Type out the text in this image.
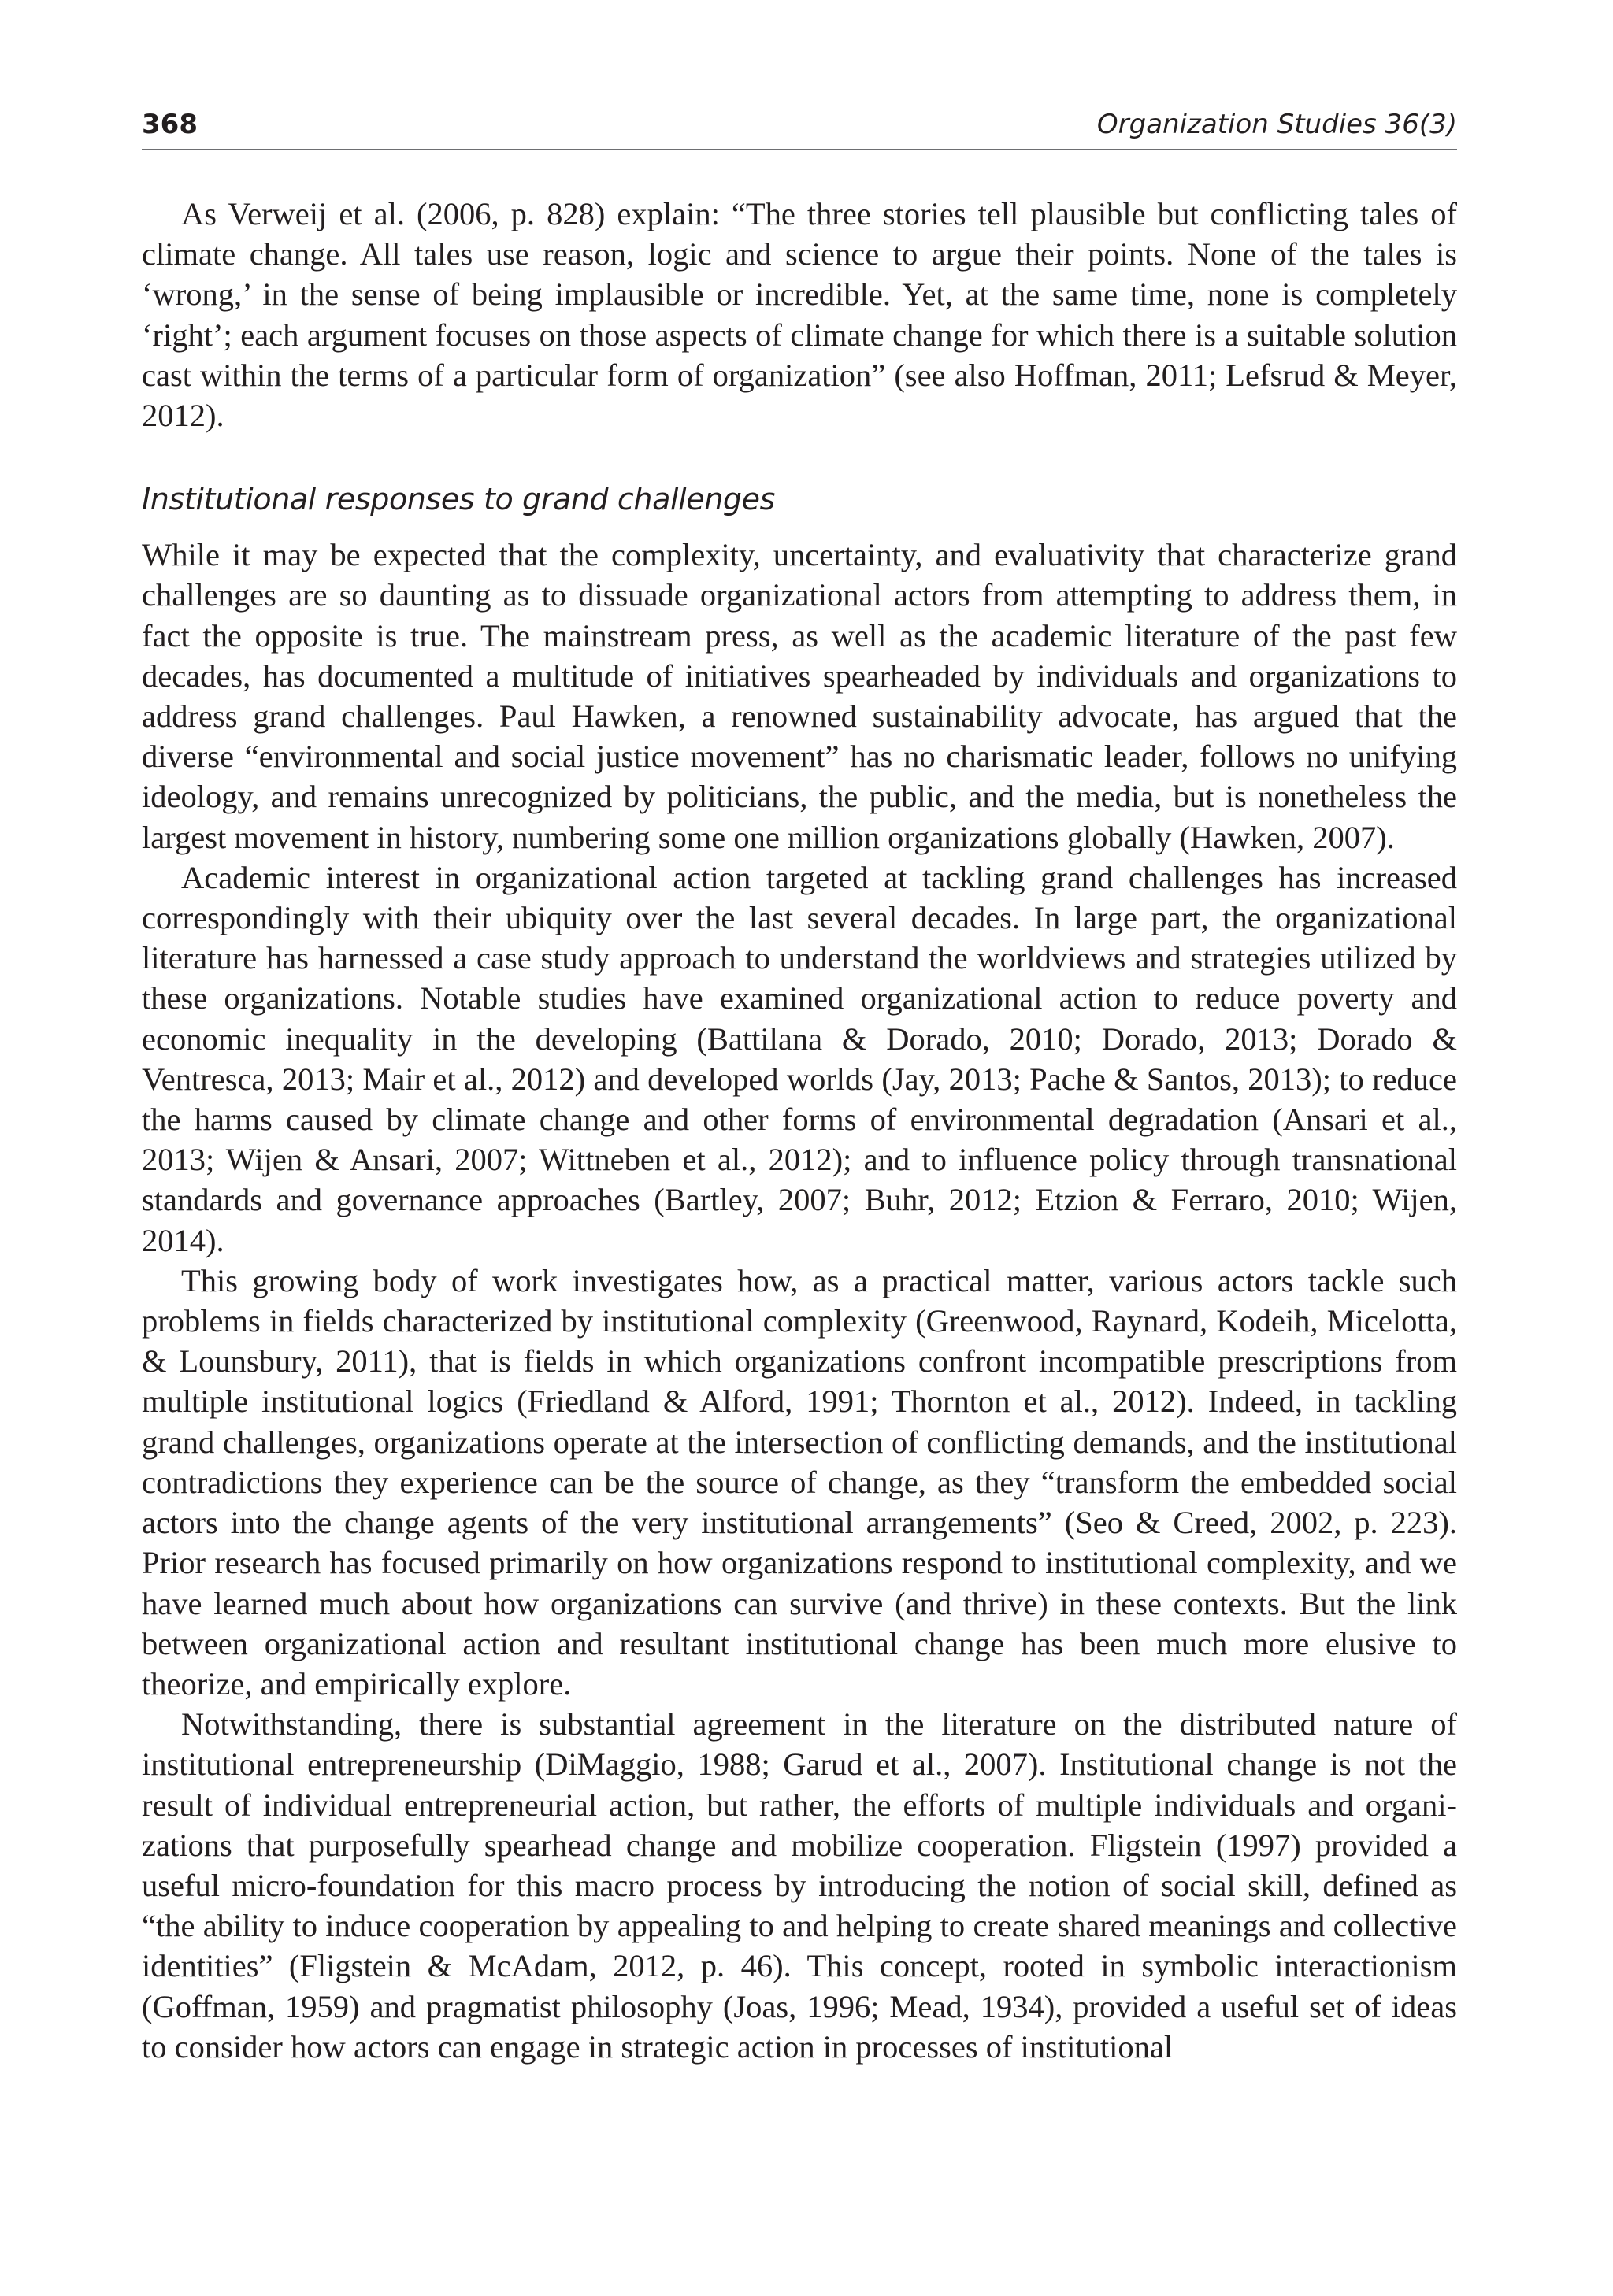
368	Organization Studies 36(3)

As Verweij et al. (2006, p. 828) explain: “The three stories tell plausible but conflicting tales of climate change. All tales use reason, logic and science to argue their points. None of the tales is ‘wrong,’ in the sense of being implausible or incredible. Yet, at the same time, none is completely ‘right’; each argument focuses on those aspects of climate change for which there is a suitable solution cast within the terms of a particular form of organization” (see also Hoffman, 2011; Lefsrud & Meyer, 2012).

Institutional responses to grand challenges

While it may be expected that the complexity, uncertainty, and evaluativity that characterize grand challenges are so daunting as to dissuade organizational actors from attempting to address them, in fact the opposite is true. The mainstream press, as well as the academic literature of the past few decades, has documented a multitude of initiatives spearheaded by individuals and organizations to address grand challenges. Paul Hawken, a renowned sustainability advocate, has argued that the diverse “environmental and social justice movement” has no charismatic leader, follows no unifying ideology, and remains unrecognized by politicians, the public, and the media, but is nonetheless the largest movement in history, numbering some one million organizations globally (Hawken, 2007).

Academic interest in organizational action targeted at tackling grand challenges has increased correspondingly with their ubiquity over the last several decades. In large part, the organizational literature has harnessed a case study approach to understand the worldviews and strategies utilized by these organizations. Notable studies have examined organizational action to reduce poverty and economic inequality in the developing (Battilana & Dorado, 2010; Dorado, 2013; Dorado & Ventresca, 2013; Mair et al., 2012) and developed worlds (Jay, 2013; Pache & Santos, 2013); to reduce the harms caused by climate change and other forms of environmental degradation (Ansari et al., 2013; Wijen & Ansari, 2007; Wittneben et al., 2012); and to influence policy through transnational standards and governance approaches (Bartley, 2007; Buhr, 2012; Etzion & Ferraro, 2010; Wijen, 2014).

This growing body of work investigates how, as a practical matter, various actors tackle such problems in fields characterized by institutional complexity (Greenwood, Raynard, Kodeih, Micelotta, & Lounsbury, 2011), that is fields in which organizations confront incompatible prescriptions from multiple institutional logics (Friedland & Alford, 1991; Thornton et al., 2012). Indeed, in tackling grand challenges, organizations operate at the intersection of conflicting demands, and the institutional contradictions they experience can be the source of change, as they “transform the embedded social actors into the change agents of the very institutional arrangements” (Seo & Creed, 2002, p. 223). Prior research has focused primarily on how organizations respond to institutional complexity, and we have learned much about how organizations can survive (and thrive) in these contexts. But the link between organizational action and resultant institutional change has been much more elusive to theorize, and empirically explore.

Notwithstanding, there is substantial agreement in the literature on the distributed nature of institutional entrepreneurship (DiMaggio, 1988; Garud et al., 2007). Institutional change is not the result of individual entrepreneurial action, but rather, the efforts of multiple individuals and organizations that purposefully spearhead change and mobilize cooperation. Fligstein (1997) provided a useful micro-foundation for this macro process by introducing the notion of social skill, defined as “the ability to induce cooperation by appealing to and helping to create shared meanings and collective identities” (Fligstein & McAdam, 2012, p. 46). This concept, rooted in symbolic interactionism (Goffman, 1959) and pragmatist philosophy (Joas, 1996; Mead, 1934), provided a useful set of ideas to consider how actors can engage in strategic action in processes of institutional
